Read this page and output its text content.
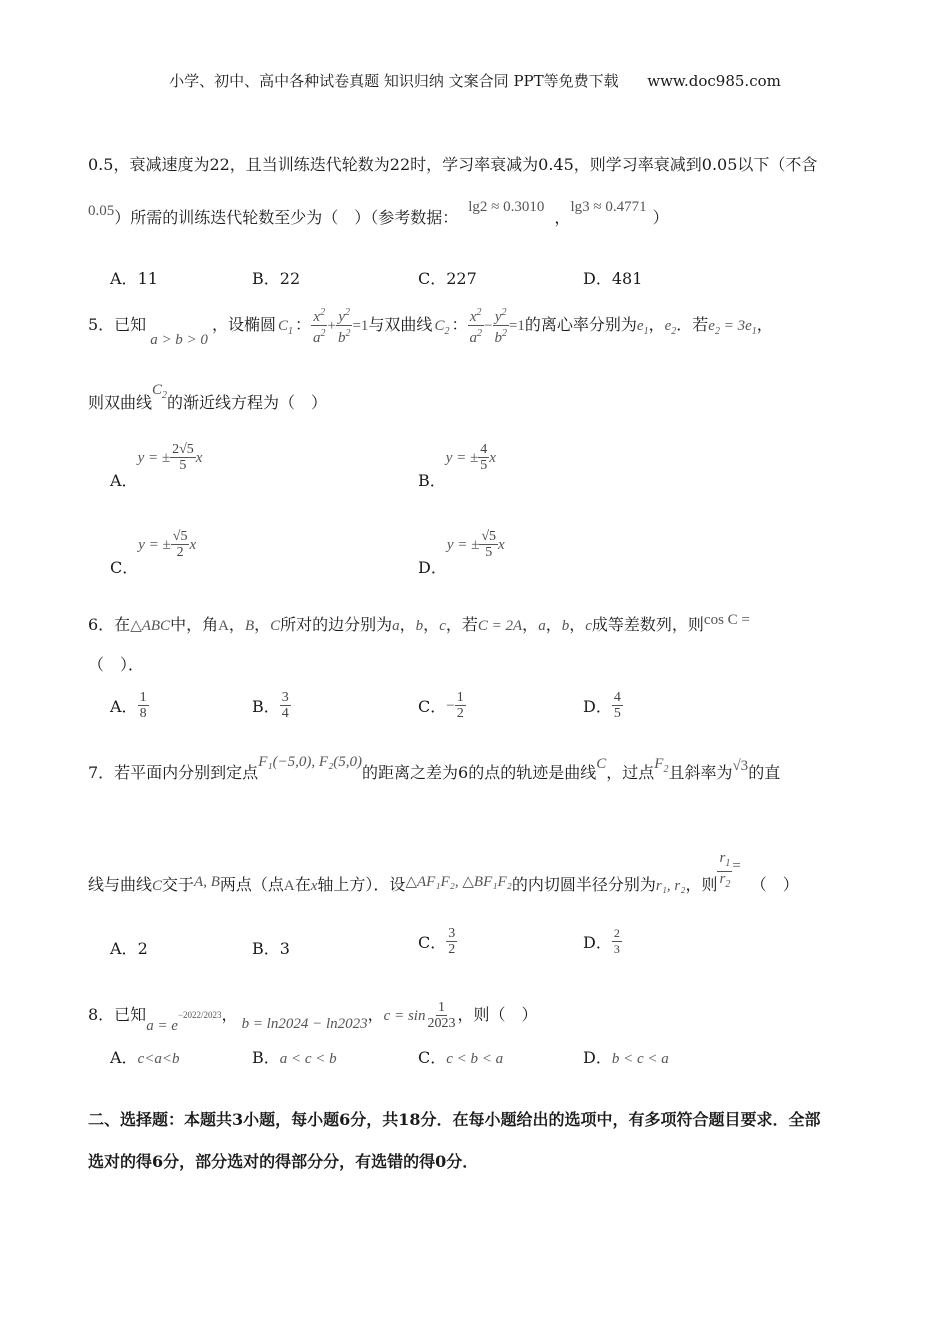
小学、初中、高中各种试卷真题 知识归纳 文案合同 PPT等免费下载 www.doc985.com
0.5，衰减速度为22，且当训练迭代轮数为22时，学习率衰减为0.45，则学习率衰减到0.05以下（不含
0.05）所需的训练迭代轮数至少为（　）（参考数据：lg2 ≈ 0.3010，lg3 ≈ 0.4771）
A．11	B．22	C．227	D．481
5．已知a > b > 0，设椭圆 $C_1$ ： $\frac{x^2}{a^2} + \frac{y^2}{b^2} =1$与双曲线 $C_2$ ： $\frac{x^2}{a^2} - \frac{y^2}{b^2} =1$的离心率分别为$e_1$，$e_2$．若$e_2 = 3e_1$，
则双曲线$C_2$的渐近线方程为（　）
A．y = ± $\frac{2√5}{5}$ x
B．y = ± $\frac{4}{5}$ x
C．y = ± $\frac{√5}{2}$ x
D．y = ± $\frac{√5}{5}$ x
6．在△ABC中，角A，B，C所对的边分别为a，b，c，若C = 2A，a，b，c成等差数列，则cos C =
（　）．
A． $\frac{1}{8}$	B． $\frac{3}{4}$	C．− $\frac{1}{2}$	D． $\frac{4}{5}$
7．若平面内分别到定点F₁(−5,0), F₂(5,0)的距离之差为6的点的轨迹是曲线C，过点$F_2$且斜率为√3的直
线与曲线C交于A, B两点（点A在x轴上方）．设△AF₁F₂, △BF₁F₂的内切圆半径分别为r₁, r₂，则 $\frac{r_1}{r_2}$ =（　）
A．2	B．3	C． $\frac{3}{2}$	D． $\frac{2}{3}$
8．已知a = e−2022/2023， b = ln2024 − ln2023，$c = \sin \frac{1}{2023}$ ，则（　）
A．c<a<b	B．a < c < b	C．c < b < a	D．b < c < a
二、选择题：本题共3小题，每小题6分，共18分．在每小题给出的选项中，有多项符合题目要求．全部
选对的得6分，部分选对的得部分分，有选错的得0分．
